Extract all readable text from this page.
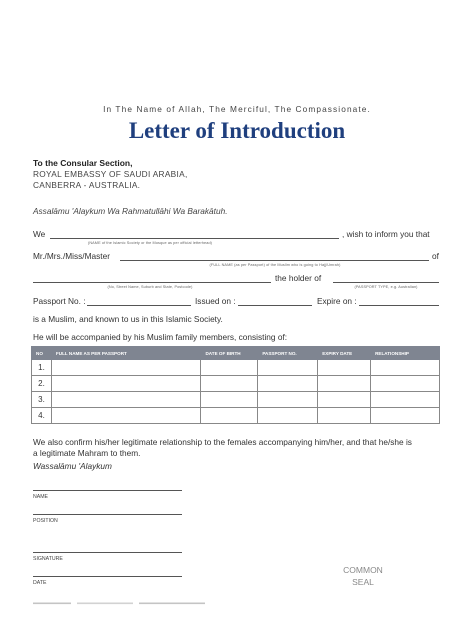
In The Name of Allah, The Merciful, The Compassionate.
Letter of Introduction
To the Consular Section,
ROYAL EMBASSY OF SAUDI ARABIA,
CANBERRA - AUSTRALIA.
Assalāmu 'Alaykum Wa Rahmatullāhi Wa Barakātuh.
We	, wish to inform you that
(NAME of the Islamic Society or the Mosque as per official letterhead)
Mr./Mrs./Miss/Master	of
(FULL NAME (as per Passport) of the Muslim who is going to Hajj/Umrah)
the holder of
(No, Street Name, Suburb and State, Postcode)	(PASSPORT TYPE, e.g. Australian)
Passport No. :	Issued on :	Expire on :
is a Muslim, and known to us in this Islamic Society.
He will be accompanied by his Muslim family members, consisting of:
NO	FULL NAME AS PER PASSPORT	DATE OF BIRTH	PASSPORT NO.	EXPIRY DATE	RELATIONSHIP
1.					
2.					
3.					
4.					
We also confirm his/her legitimate relationship to the females accompanying him/her, and that he/she is
a legitimate Mahram to them.
Wassalāmu 'Alaykum
NAME
POSITION
SIGNATURE
DATE
COMMON
SEAL
